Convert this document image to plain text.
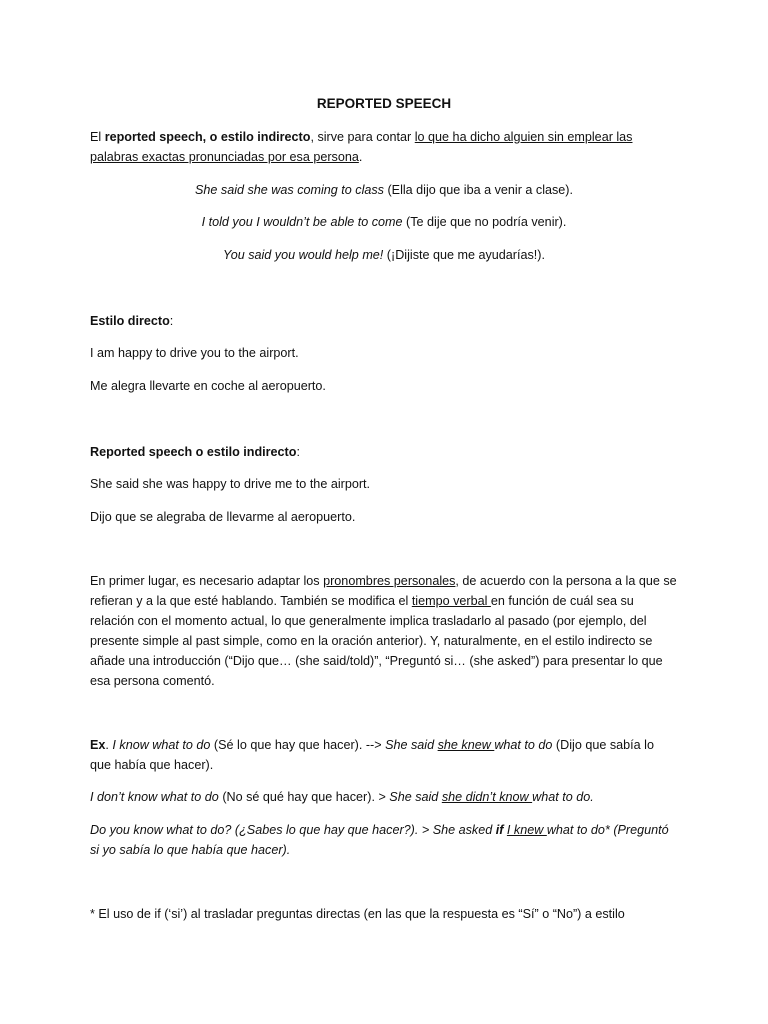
REPORTED SPEECH

El reported speech, o estilo indirecto, sirve para contar lo que ha dicho alguien sin emplear las palabras exactas pronunciadas por esa persona.

She said she was coming to class (Ella dijo que iba a venir a clase).

I told you I wouldn’t be able to come (Te dije que no podría venir).

You said you would help me! (¡Dijiste que me ayudarías!).

Estilo directo:

I am happy to drive you to the airport.

Me alegra llevarte en coche al aeropuerto.

Reported speech o estilo indirecto:

She said she was happy to drive me to the airport.

Dijo que se alegraba de llevarme al aeropuerto.

En primer lugar, es necesario adaptar los pronombres personales, de acuerdo con la persona a la que se refieran y a la que esté hablando. También se modifica el tiempo verbal en función de cuál sea su relación con el momento actual, lo que generalmente implica trasladarlo al pasado (por ejemplo, del presente simple al past simple, como en la oración anterior). Y, naturalmente, en el estilo indirecto se añade una introducción (“Dijo que… (she said/told)”, “Preguntó si… (she asked”) para presentar lo que esa persona comentó.

Ex. I know what to do (Sé lo que hay que hacer). --> She said she knew what to do (Dijo que sabía lo que había que hacer).

I don’t know what to do (No sé qué hay que hacer). > She said she didn’t know what to do.

Do you know what to do? (¿Sabes lo que hay que hacer?). > She asked if I knew what to do* (Preguntó si yo sabía lo que había que hacer).

* El uso de if (‘si’) al trasladar preguntas directas (en las que la respuesta es “Sí” o “No”) a estilo
